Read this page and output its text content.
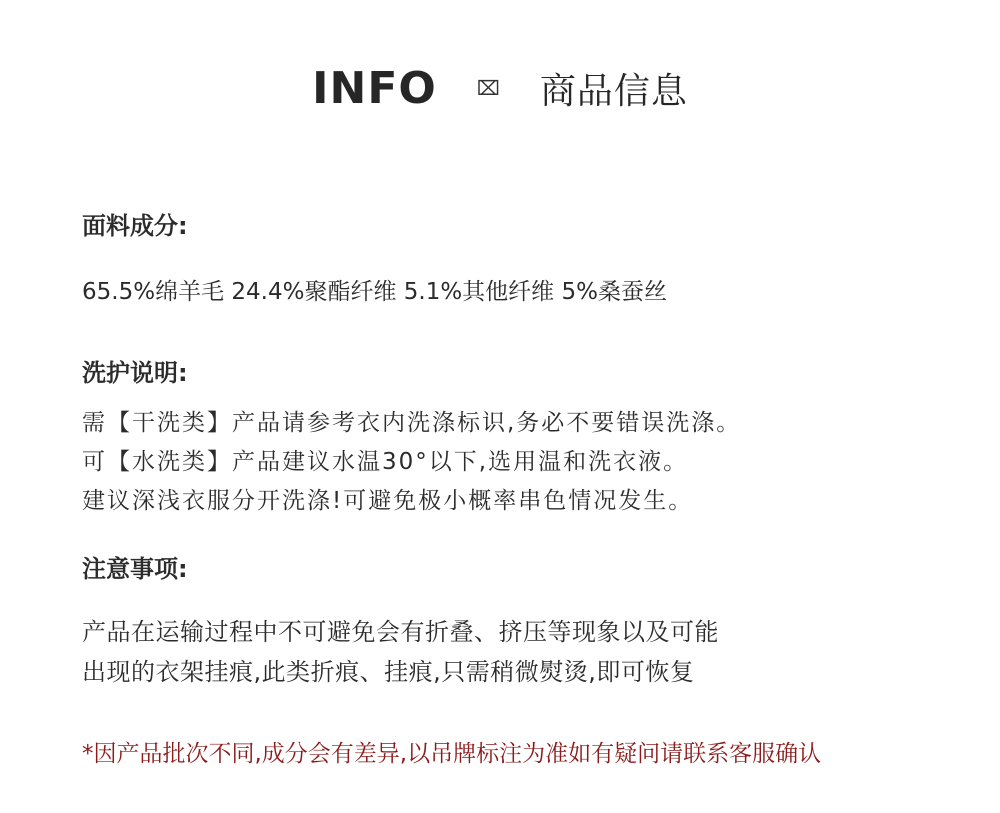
INFO ⌧ 商品信息
面料成分:
65.5%绵羊毛 24.4%聚酯纤维 5.1%其他纤维 5%桑蚕丝
洗护说明:
需【干洗类】产品请参考衣内洗涤标识,务必不要错误洗涤。
可【水洗类】产品建议水温30°以下,选用温和洗衣液。
建议深浅衣服分开洗涤!可避免极小概率串色情况发生。
注意事项:
产品在运输过程中不可避免会有折叠、挤压等现象以及可能
出现的衣架挂痕,此类折痕、挂痕,只需稍微熨烫,即可恢复
*因产品批次不同,成分会有差异,以吊牌标注为准如有疑问请联系客服确认
